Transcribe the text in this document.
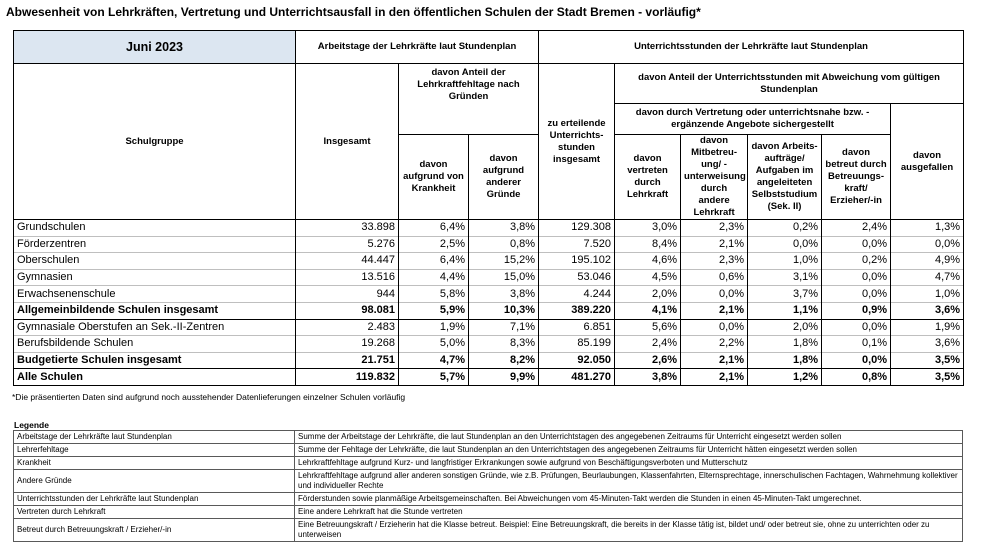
Abwesenheit von Lehrkräften, Vertretung und Unterrichtsausfall in den öffentlichen Schulen der Stadt Bremen - vorläufig*
Juni 2023	Arbeitstage der Lehrkräfte laut Stundenplan			Unterrichtsstunden der Lehrkräfte laut Stundenplan					
Schulgruppe	Insgesamt	davon Anteil der Lehrkraftfehltage nach Gründen		zu erteilende Unterrichts-stunden insgesamt	davon Anteil der Unterrichtsstunden mit Abweichung vom gültigen Stundenplan				
					davon durch Vertretung oder unterrichtsnahe bzw. -ergänzende Angebote sichergestellt				davon ausgefallen
		davon aufgrund von Krankheit	davon aufgrund anderer Gründe		davon vertreten durch Lehrkraft	davon Mitbetreu-ung/ - unterweisung durch andere Lehrkraft	davon Arbeits-aufträge/ Aufgaben im angeleiteten Selbststudium (Sek. II)	davon betreut durch Betreuungs-kraft/ Erzieher/-in	

Grundschulen	33.898	6,4%	3,8%	129.308	3,0%	2,3%	0,2%	2,4%	1,3%
Förderzentren	5.276	2,5%	0,8%	7.520	8,4%	2,1%	0,0%	0,0%	0,0%
Oberschulen	44.447	6,4%	15,2%	195.102	4,6%	2,3%	1,0%	0,2%	4,9%
Gymnasien	13.516	4,4%	15,0%	53.046	4,5%	0,6%	3,1%	0,0%	4,7%
Erwachsenenschule	944	5,8%	3,8%	4.244	2,0%	0,0%	3,7%	0,0%	1,0%
Allgemeinbildende Schulen insgesamt	98.081	5,9%	10,3%	389.220	4,1%	2,1%	1,1%	0,9%	3,6%
Gymnasiale Oberstufen an Sek.-II-Zentren	2.483	1,9%	7,1%	6.851	5,6%	0,0%	2,0%	0,0%	1,9%
Berufsbildende Schulen	19.268	5,0%	8,3%	85.199	2,4%	2,2%	1,8%	0,1%	3,6%
Budgetierte Schulen insgesamt	21.751	4,7%	8,2%	92.050	2,6%	2,1%	1,8%	0,0%	3,5%
Alle Schulen	119.832	5,7%	9,9%	481.270	3,8%	2,1%	1,2%	0,8%	3,5%
*Die präsentierten Daten sind aufgrund noch ausstehender Datenlieferungen einzelner Schulen vorläufig
Legende
Arbeitstage der Lehrkräfte laut Stundenplan	Summe der Arbeitstage der Lehrkräfte, die laut Stundenplan an den Unterrichtstagen des angegebenen Zeitraums für Unterricht eingesetzt werden sollen
Lehrerfehltage	Summe der Fehltage der Lehrkräfte, die laut Stundenplan an den Unterrichtstagen des angegebenen Zeitraums für Unterricht hätten eingesetzt werden sollen
Krankheit	Lehrkraftfehltage aufgrund Kurz- und langfristiger Erkrankungen sowie aufgrund von Beschäftigungsverboten und Mutterschutz
Andere Gründe	Lehrkraftfehltage aufgrund aller anderen sonstigen Gründe, wie z.B. Prüfungen, Beurlaubungen, Klassenfahrten, Elternsprechtage, innerschulischen Fachtagen, Wahrnehmung kollektiver und individueller Rechte
Unterrichtsstunden der Lehrkräfte laut Stundenplan	Förderstunden sowie planmäßige Arbeitsgemeinschaften. Bei Abweichungen vom 45-Minuten-Takt werden die Stunden in einen 45-Minuten-Takt umgerechnet.
Vertreten durch Lehrkraft	Eine andere Lehrkraft hat die Stunde vertreten
Betreut durch Betreuungskraft / Erzieher/-in	Eine Betreuungskraft / Erzieherin hat die Klasse betreut. Beispiel: Eine Betreuungskraft, die bereits in der Klasse tätig ist, bildet und/ oder betreut sie, ohne zu unterrichten oder zu unterweisen
